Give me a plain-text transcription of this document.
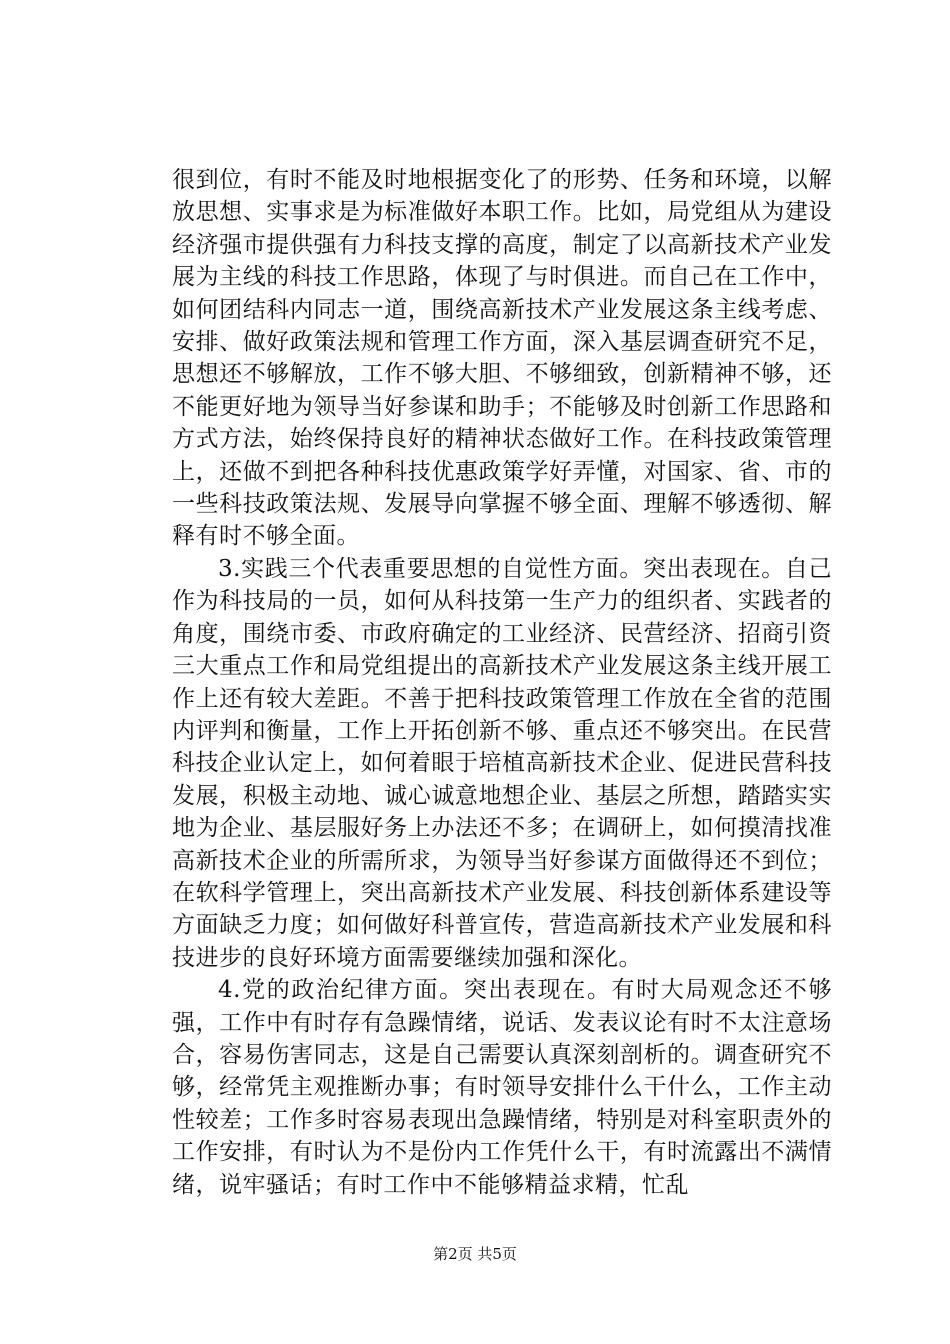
很到位，有时不能及时地根据变化了的形势、任务和环境，以解放思想、实事求是为标准做好本职工作。比如，局党组从为建设经济强市提供强有力科技支撑的高度，制定了以高新技术产业发展为主线的科技工作思路，体现了与时俱进。而自己在工作中，如何团结科内同志一道，围绕高新技术产业发展这条主线考虑、安排、做好政策法规和管理工作方面，深入基层调查研究不足，思想还不够解放，工作不够大胆、不够细致，创新精神不够，还不能更好地为领导当好参谋和助手；不能够及时创新工作思路和方式方法，始终保持良好的精神状态做好工作。在科技政策管理上，还做不到把各种科技优惠政策学好弄懂，对国家、省、市的一些科技政策法规、发展导向掌握不够全面、理解不够透彻、解释有时不够全面。

3.实践三个代表重要思想的自觉性方面。突出表现在。自己作为科技局的一员，如何从科技第一生产力的组织者、实践者的角度，围绕市委、市政府确定的工业经济、民营经济、招商引资三大重点工作和局党组提出的高新技术产业发展这条主线开展工作上还有较大差距。不善于把科技政策管理工作放在全省的范围内评判和衡量，工作上开拓创新不够、重点还不够突出。在民营科技企业认定上，如何着眼于培植高新技术企业、促进民营科技发展，积极主动地、诚心诚意地想企业、基层之所想，踏踏实实地为企业、基层服好务上办法还不多；在调研上，如何摸清找准高新技术企业的所需所求，为领导当好参谋方面做得还不到位；在软科学管理上，突出高新技术产业发展、科技创新体系建设等方面缺乏力度；如何做好科普宣传，营造高新技术产业发展和科技进步的良好环境方面需要继续加强和深化。

4.党的政治纪律方面。突出表现在。有时大局观念还不够强，工作中有时存有急躁情绪，说话、发表议论有时不太注意场合，容易伤害同志，这是自己需要认真深刻剖析的。调查研究不够，经常凭主观推断办事；有时领导安排什么干什么，工作主动性较差；工作多时容易表现出急躁情绪，特别是对科室职责外的工作安排，有时认为不是份内工作凭什么干，有时流露出不满情绪，说牢骚话；有时工作中不能够精益求精，忙乱

第2页 共5页
